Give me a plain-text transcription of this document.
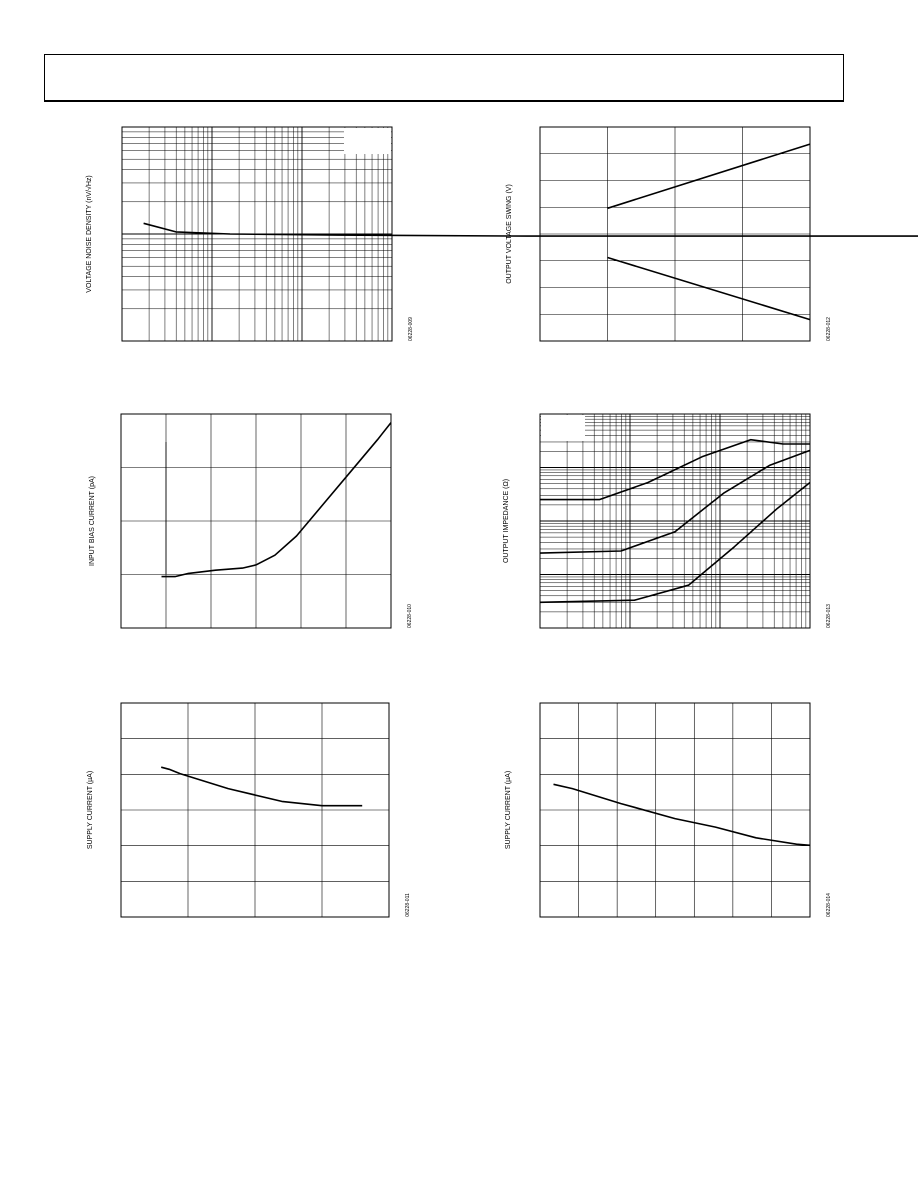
VOLTAGE NOISE DENSITY (nV/√Hz)
06228-009
OUTPUT VOLTAGE SWING (V)
06228-012
INPUT BIAS CURRENT (pA)
06228-010
OUTPUT IMPEDANCE (Ω)
06228-013
SUPPLY CURRENT (µA)
06228-011
SUPPLY CURRENT (µA)
06228-014
